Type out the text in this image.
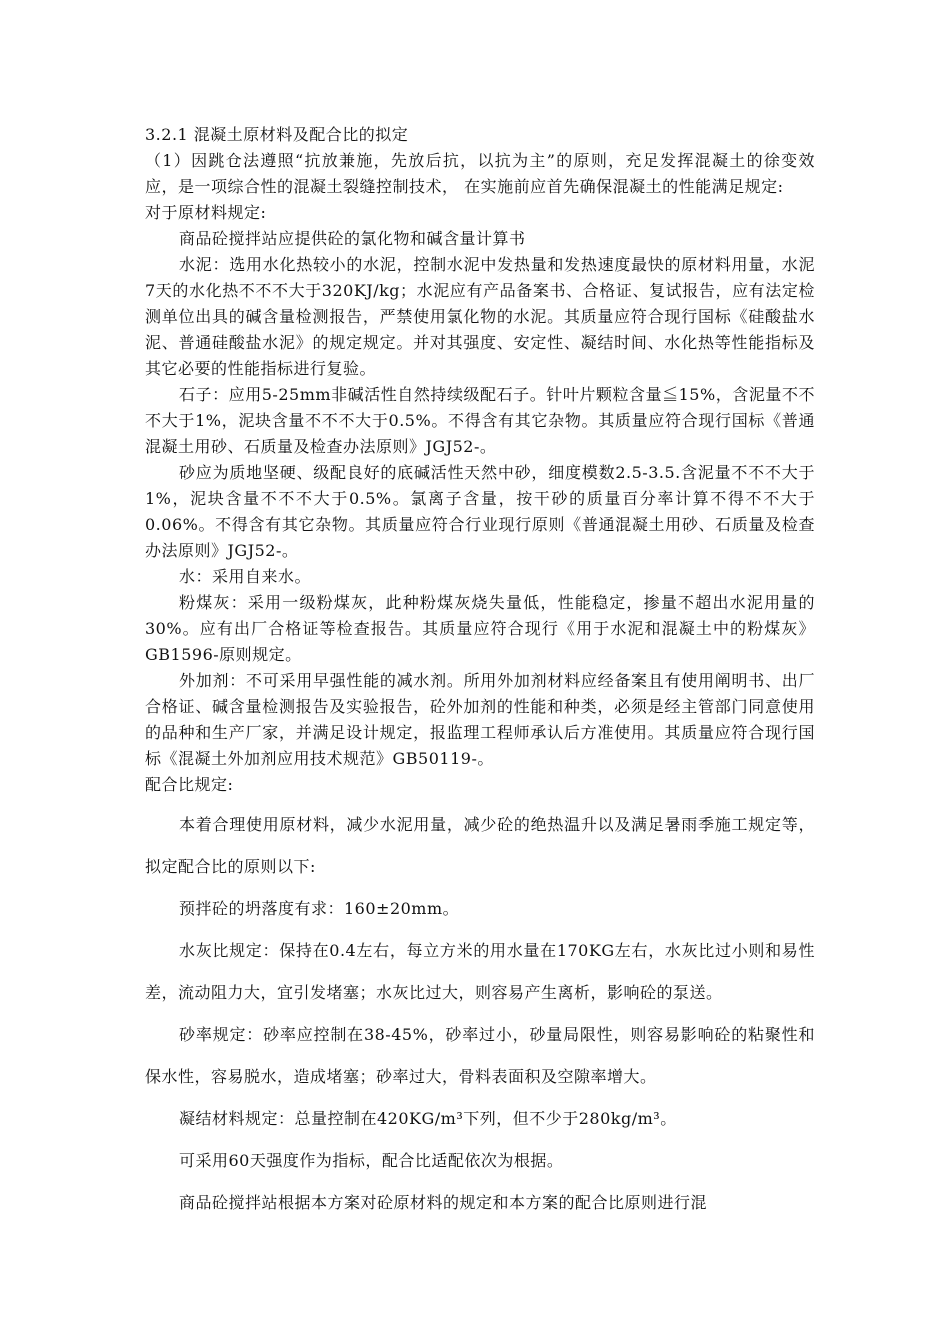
3.2.1 混凝土原材料及配合比的拟定

（1）因跳仓法遵照“抗放兼施，先放后抗，以抗为主”的原则，充足发挥混凝土的徐变效应，是一项综合性的混凝土裂缝控制技术， 在实施前应首先确保混凝土的性能满足规定:

对于原材料规定:

商品砼搅拌站应提供砼的氯化物和碱含量计算书

水泥：选用水化热较小的水泥，控制水泥中发热量和发热速度最快的原材料用量，水泥7天的水化热不不不大于320KJ/kg；水泥应有产品备案书、合格证、复试报告，应有法定检测单位出具的碱含量检测报告，严禁使用氯化物的水泥。其质量应符合现行国标《硅酸盐水泥、普通硅酸盐水泥》的规定规定。并对其强度、安定性、凝结时间、水化热等性能指标及其它必要的性能指标进行复验。

石子：应用5-25mm非碱活性自然持续级配石子。针叶片颗粒含量≦15%，含泥量不不不大于1%，泥块含量不不不大于0.5%。不得含有其它杂物。其质量应符合现行国标《普通混凝土用砂、石质量及检查办法原则》JGJ52-。

砂应为质地坚硬、级配良好的底碱活性天然中砂，细度模数2.5-3.5.含泥量不不不大于1%，泥块含量不不不大于0.5%。氯离子含量，按干砂的质量百分率计算不得不不大于0.06%。不得含有其它杂物。其质量应符合行业现行原则《普通混凝土用砂、石质量及检查办法原则》JGJ52-。

水：采用自来水。

粉煤灰：采用一级粉煤灰，此种粉煤灰烧失量低，性能稳定，掺量不超出水泥用量的30%。应有出厂合格证等检查报告。其质量应符合现行《用于水泥和混凝土中的粉煤灰》GB1596-原则规定。

外加剂：不可采用早强性能的减水剂。所用外加剂材料应经备案且有使用阐明书、出厂合格证、碱含量检测报告及实验报告，砼外加剂的性能和种类，必须是经主管部门同意使用的品种和生产厂家，并满足设计规定，报监理工程师承认后方准使用。其质量应符合现行国标《混凝土外加剂应用技术规范》GB50119-。

配合比规定:

本着合理使用原材料，减少水泥用量，减少砼的绝热温升以及满足暑雨季施工规定等，拟定配合比的原则以下:

预拌砼的坍落度有求：160±20mm。

水灰比规定：保持在0.4左右，每立方米的用水量在170KG左右，水灰比过小则和易性差，流动阻力大，宜引发堵塞；水灰比过大，则容易产生离析，影响砼的泵送。

砂率规定：砂率应控制在38-45%，砂率过小，砂量局限性，则容易影响砼的粘聚性和保水性，容易脱水，造成堵塞；砂率过大，骨料表面积及空隙率增大。

凝结材料规定：总量控制在420KG/m³下列，但不少于280kg/m³。

可采用60天强度作为指标，配合比适配依次为根据。

商品砼搅拌站根据本方案对砼原材料的规定和本方案的配合比原则进行混
